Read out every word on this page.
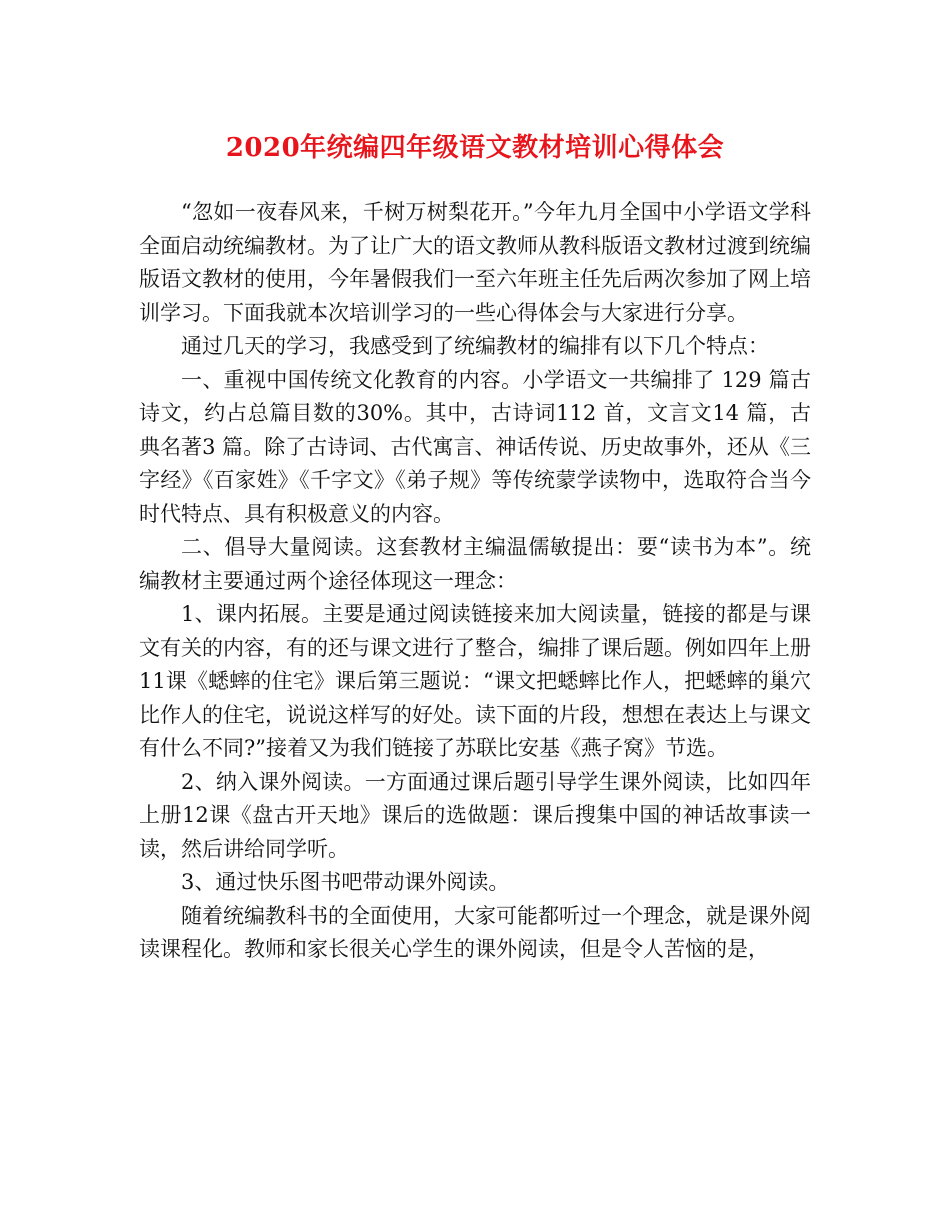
2020年统编四年级语文教材培训心得体会

“忽如一夜春风来，千树万树梨花开。”今年九月全国中小学语文学科全面启动统编教材。为了让广大的语文教师从教科版语文教材过渡到统编版语文教材的使用，今年暑假我们一至六年班主任先后两次参加了网上培训学习。下面我就本次培训学习的一些心得体会与大家进行分享。

通过几天的学习，我感受到了统编教材的编排有以下几个特点：

一、重视中国传统文化教育的内容。小学语文一共编排了 129 篇古诗文，约占总篇目数的30%。其中，古诗词112 首，文言文14 篇，古典名著3 篇。除了古诗词、古代寓言、神话传说、历史故事外，还从《三字经》《百家姓》《千字文》《弟子规》等传统蒙学读物中，选取符合当今时代特点、具有积极意义的内容。

二、倡导大量阅读。这套教材主编温儒敏提出：要“读书为本”。统编教材主要通过两个途径体现这一理念：

1、课内拓展。主要是通过阅读链接来加大阅读量，链接的都是与课文有关的内容，有的还与课文进行了整合，编排了课后题。例如四年上册11课《蟋蟀的住宅》课后第三题说：“课文把蟋蟀比作人，把蟋蟀的巢穴比作人的住宅，说说这样写的好处。读下面的片段，想想在表达上与课文有什么不同?”接着又为我们链接了苏联比安基《燕子窝》节选。

2、纳入课外阅读。一方面通过课后题引导学生课外阅读，比如四年上册12课《盘古开天地》课后的选做题：课后搜集中国的神话故事读一读，然后讲给同学听。

3、通过快乐图书吧带动课外阅读。

随着统编教科书的全面使用，大家可能都听过一个理念，就是课外阅读课程化。教师和家长很关心学生的课外阅读，但是令人苦恼的是，
